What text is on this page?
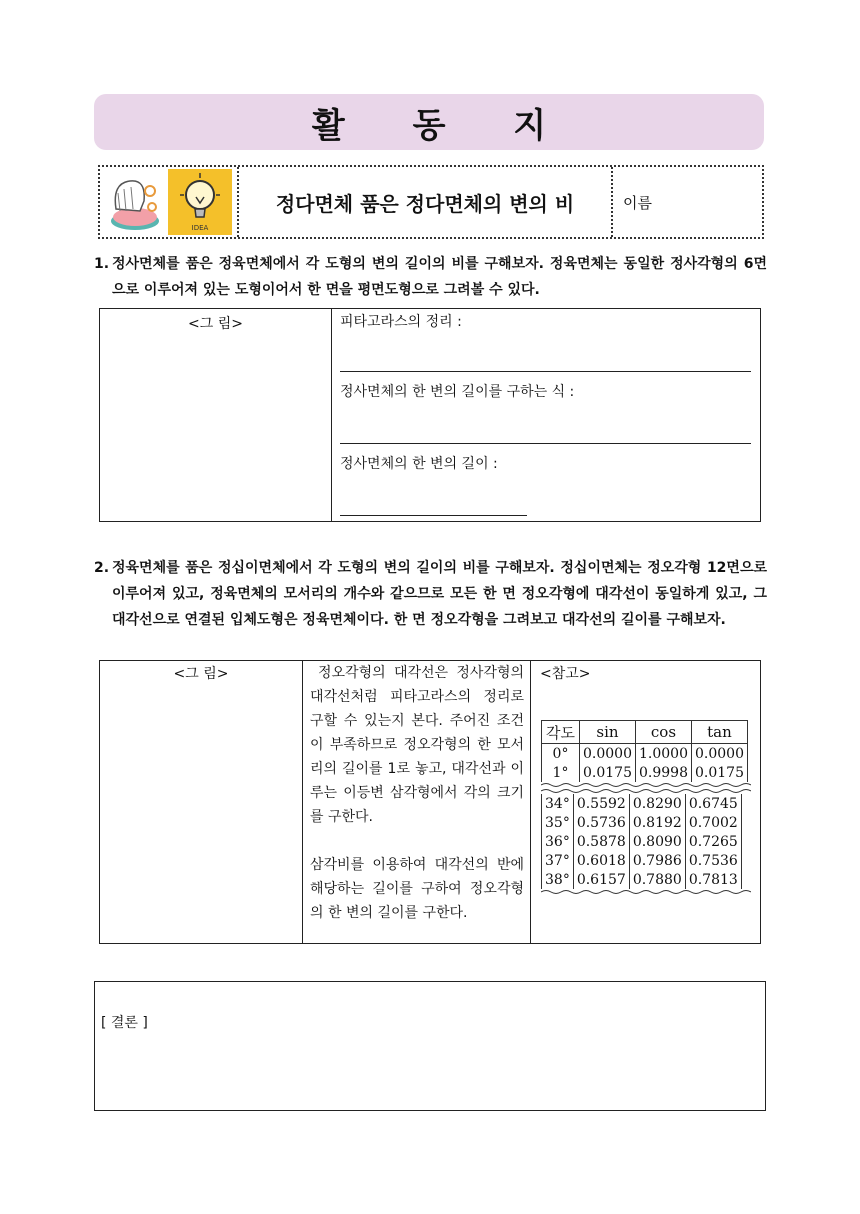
활 동 지
IDEA
정다면체 품은 정다면체의 변의 비	이름
1. 정사면체를 품은 정육면체에서 각 도형의 변의 길이의 비를 구해보자. 정육면체는 동일한 정사각형의 6면으로 이루어져 있는 도형이어서 한 면을 평면도형으로 그려볼 수 있다.
<그 림>	피타고라스의 정리 :
정사면체의 한 변의 길이를 구하는 식 :
정사면체의 한 변의 길이 :
2. 정육면체를 품은 정십이면체에서 각 도형의 변의 길이의 비를 구해보자. 정십이면체는 정오각형 12면으로 이루어져 있고, 정육면체의 모서리의 개수와 같으므로 모든 한 면 정오각형에 대각선이 동일하게 있고, 그 대각선으로 연결된 입체도형은 정육면체이다. 한 면 정오각형을 그려보고 대각선의 길이를 구해보자.
<그 림>	정오각형의 대각선은 정사각형의 대각선처럼 피타고라스의 정리로 구할 수 있는지 본다. 주어진 조건이 부족하므로 정오각형의 한 모서리의 길이를 1로 놓고, 대각선과 이루는 이등변 삼각형에서 각의 크기를 구한다.
삼각비를 이용하여 대각선의 반에 해당하는 길이를 구하여 정오각형의 한 변의 길이를 구한다.
<참고>
각도	sin	cos	tan
0°	0.0000	1.0000	0.0000
1°	0.0175	0.9998	0.0175
34°	0.5592	0.8290	0.6745
35°	0.5736	0.8192	0.7002
36°	0.5878	0.8090	0.7265
37°	0.6018	0.7986	0.7536
38°	0.6157	0.7880	0.7813
[ 결론 ]
